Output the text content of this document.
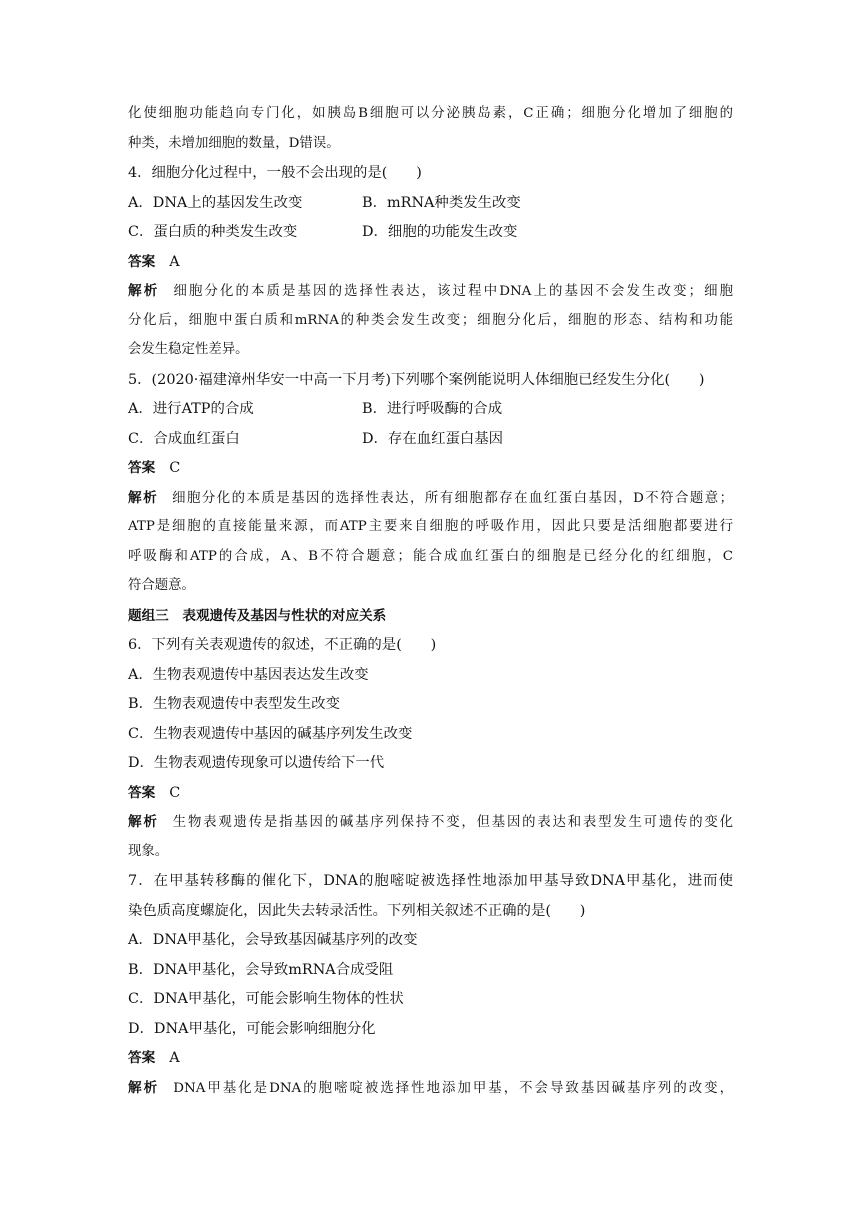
化使细胞功能趋向专门化，如胰岛B细胞可以分泌胰岛素，C正确；细胞分化增加了细胞的

种类，未增加细胞的数量，D错误。

4．细胞分化过程中，一般不会出现的是(　　)

A．DNA上的基因发生改变	B．mRNA种类发生改变

C．蛋白质的种类发生改变	D．细胞的功能发生改变

答案 A

解析 细胞分化的本质是基因的选择性表达，该过程中DNA上的基因不会发生改变；细胞

分化后，细胞中蛋白质和mRNA的种类会发生改变；细胞分化后，细胞的形态、结构和功能

会发生稳定性差异。

5．(2020·福建漳州华安一中高一下月考)下列哪个案例能说明人体细胞已经发生分化(　　)

A．进行ATP的合成	B．进行呼吸酶的合成

C．合成血红蛋白	D．存在血红蛋白基因

答案 C

解析 细胞分化的本质是基因的选择性表达，所有细胞都存在血红蛋白基因，D不符合题意；

ATP是细胞的直接能量来源，而ATP主要来自细胞的呼吸作用，因此只要是活细胞都要进行

呼吸酶和ATP的合成，A、B不符合题意；能合成血红蛋白的细胞是已经分化的红细胞，C

符合题意。

题组三　表观遗传及基因与性状的对应关系

6．下列有关表观遗传的叙述，不正确的是(　　)

A．生物表观遗传中基因表达发生改变

B．生物表观遗传中表型发生改变

C．生物表观遗传中基因的碱基序列发生改变

D．生物表观遗传现象可以遗传给下一代

答案 C

解析 生物表观遗传是指基因的碱基序列保持不变，但基因的表达和表型发生可遗传的变化

现象。

7．在甲基转移酶的催化下，DNA的胞嘧啶被选择性地添加甲基导致DNA甲基化，进而使

染色质高度螺旋化，因此失去转录活性。下列相关叙述不正确的是(　　)

A．DNA甲基化，会导致基因碱基序列的改变

B．DNA甲基化，会导致mRNA合成受阻

C．DNA甲基化，可能会影响生物体的性状

D．DNA甲基化，可能会影响细胞分化

答案 A

解析 DNA甲基化是DNA的胞嘧啶被选择性地添加甲基，不会导致基因碱基序列的改变，
